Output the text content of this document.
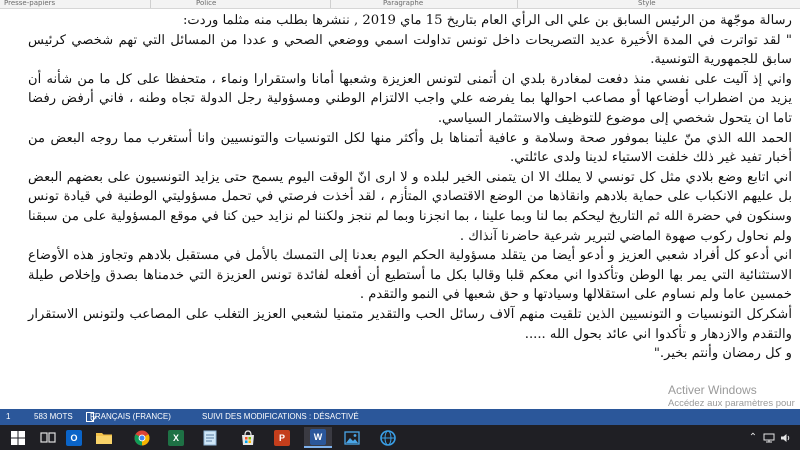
Presse-papiers	Police	Paragraphe	Style

رسالة موجّهة من الرئيس السابق بن علي الى الرأي العام بتاريخ 15 ماي 2019 , ننشرها بطلب منه مثلما وردت:

" لقد تواترت في المدة الأخيرة عديد التصريحات داخل تونس تداولت اسمي ووضعي الصحي و عددا من المسائل التي تهم شخصي كرئيس سابق للجمهورية التونسية.

واني إذ آليت على نفسي منذ دفعت لمغادرة بلدي ان أتمنى لتونس العزيزة وشعبها أمانا واستقرارا ونماء ، متحفظا على كل ما من شأنه أن يزيد من اضطراب أوضاعها أو مصاعب احوالها بما يفرضه علي واجب الالتزام الوطني ومسؤولية رجل الدولة تجاه وطنه ، فاني أرفض رفضا تاما ان يتحول شخصي إلى موضوع للتوظيف والاستثمار السياسي.

الحمد الله الذي منّ علينا بموفور صحة وسلامة و عافية أتمناها بل وأكثر منها لكل التونسيات والتونسيين وانا أستغرب مما روجه البعض من أخبار تفيد غير ذلك خلفت الاستياء لدينا ولدى عائلتي.

اني اتابع وضع بلادي مثل كل تونسي لا يملك الا ان يتمنى الخير لبلده و لا ارى انّ الوقت اليوم يسمح حتى يزايد التونسيون على بعضهم البعض بل عليهم الانكباب على حماية بلادهم وانقاذها من الوضع الاقتصادي المتأزم ، لقد أخذت فرصتي في تحمل مسؤوليتي الوطنية في قيادة تونس وسنكون في حضرة الله ثم التاريخ ليحكم بما لنا وبما علينا ، بما انجزنا وبما لم ننجز ولكننا لم نزايد حين كنا في موقع المسؤولية على من سبقنا ولم نحاول ركوب صهوة الماضي لتبرير شرعية حاضرنا آنذاك .

اني أدعو كل أفراد شعبي العزيز و أدعو أيضا من يتقلد مسؤولية الحكم اليوم بعدنا إلى التمسك بالأمل في مستقبل بلادهم وتجاوز هذه الأوضاع الاستثنائية التي يمر بها الوطن وتأكدوا اني معكم قلبا وقالبا بكل ما أستطيع أن أفعله لفائدة تونس العزيزة التي خدمناها بصدق وإخلاص طيلة خمسين عاما ولم نساوم على استقلالها وسيادتها و حق شعبها في النمو والتقدم .

أشكركل التونسيات و التونسيين الذين تلقيت منهم آلاف رسائل الحب والتقدير متمنيا لشعبي العزيز التغلب على المصاعب ولتونس الاستقرار والتقدم والازدهار و تأكدوا اني عائد بحول الله .....

و كل رمضان وأنتم بخير."

Activer Windows
Accédez aux paramètres pour
1	583 MOTS FRANÇAIS (FRANCE)	SUIVI DES MODIFICATIONS : DÉSACTIVÉ
O	X	P	W	⌃
